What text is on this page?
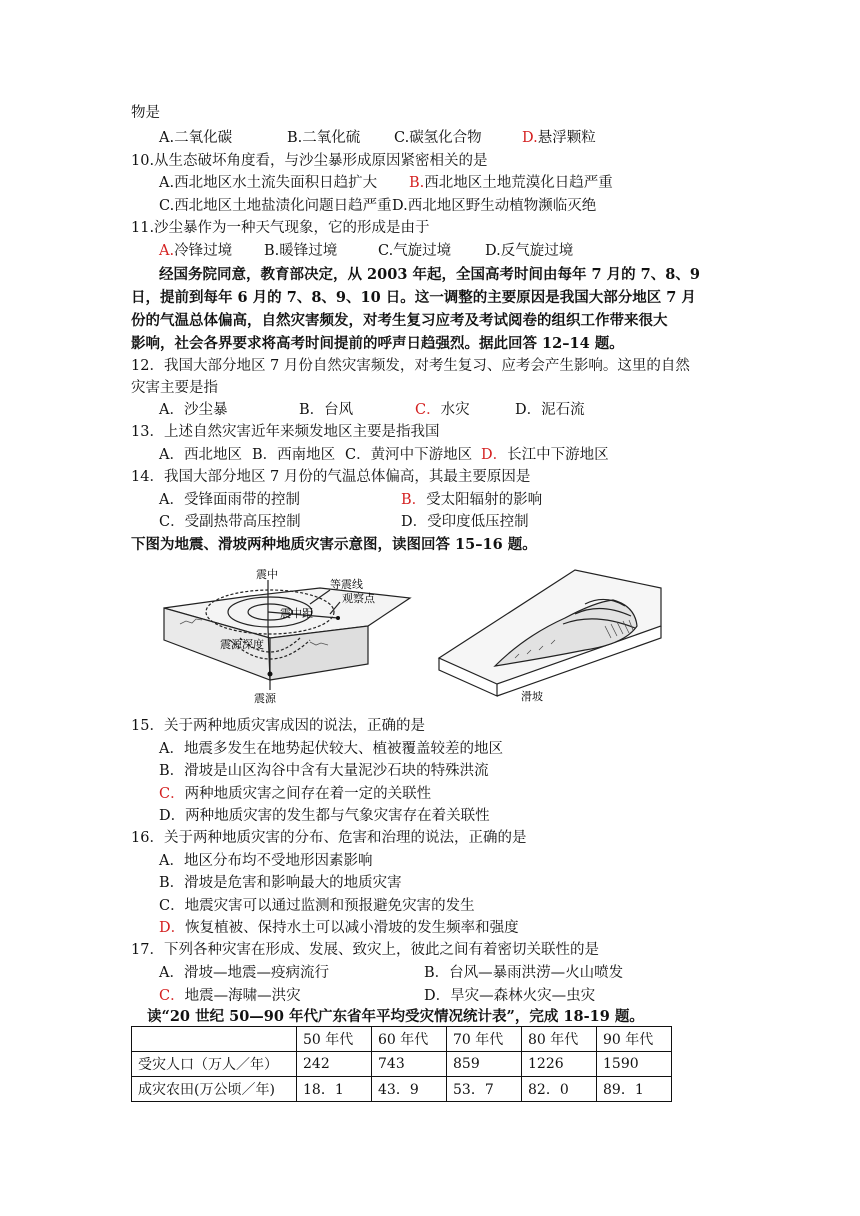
物是
A.二氧化碳	B.二氧化硫 C.碳氢化合物	D.悬浮颗粒
10.从生态破坏角度看，与沙尘暴形成原因紧密相关的是
A.西北地区水土流失面积日趋扩大 B.西北地区土地荒漠化日趋严重
C.西北地区土地盐渍化问题日趋严重D.西北地区野生动植物濒临灭绝
11.沙尘暴作为一种天气现象，它的形成是由于
A.冷锋过境 B.暖锋过境	C.气旋过境 D.反气旋过境
经国务院同意，教育部决定，从 2003 年起，全国高考时间由每年 7 月的 7、8、9
日，提前到每年 6 月的 7、8、9、10 日。这一调整的主要原因是我国大部分地区 7 月
份的气温总体偏高，自然灾害频发，对考生复习应考及考试阅卷的组织工作带来很大
影响，社会各界要求将高考时间提前的呼声日趋强烈。据此回答 12–14 题。
12．我国大部分地区 7 月份自然灾害频发，对考生复习、应考会产生影响。这里的自然
灾害主要是指
A．沙尘暴	B．台风	C．水灾	D．泥石流
13．上述自然灾害近年来频发地区主要是指我国
A．西北地区 B．西南地区 C．黄河中下游地区 D．长江中下游地区
14．我国大部分地区 7 月份的气温总体偏高，其最主要原因是
A．受锋面雨带的控制	B．受太阳辐射的影响
C．受副热带高压控制	D．受印度低压控制
下图为地震、滑坡两种地质灾害示意图，读图回答 15–16 题。
震中
等震线
观察点
震中距
震源深度
震源	滑坡
15．关于两种地质灾害成因的说法，正确的是
A．地震多发生在地势起伏较大、植被覆盖较差的地区
B．滑坡是山区沟谷中含有大量泥沙石块的特殊洪流
C．两种地质灾害之间存在着一定的关联性
D．两种地质灾害的发生都与气象灾害存在着关联性
16．关于两种地质灾害的分布、危害和治理的说法，正确的是
A．地区分布均不受地形因素影响
B．滑坡是危害和影响最大的地质灾害
C．地震灾害可以通过监测和预报避免灾害的发生
D．恢复植被、保持水土可以减小滑坡的发生频率和强度
17．下列各种灾害在形成、发展、致灾上，彼此之间有着密切关联性的是
A．滑坡—地震—疫病流行	B．台风—暴雨洪涝—火山喷发
C．地震—海啸—洪灾	D．旱灾—森林火灾—虫灾
读“20 世纪 50—90 年代广东省年平均受灾情况统计表”，完成 18-19 题。
	50 年代	60 年代	70 年代	80 年代	90 年代
受灾人口（万人／年）	242	743	859	1226	1590
成灾农田(万公顷／年)	18．1	43．9	53．7	82．0	89．1
